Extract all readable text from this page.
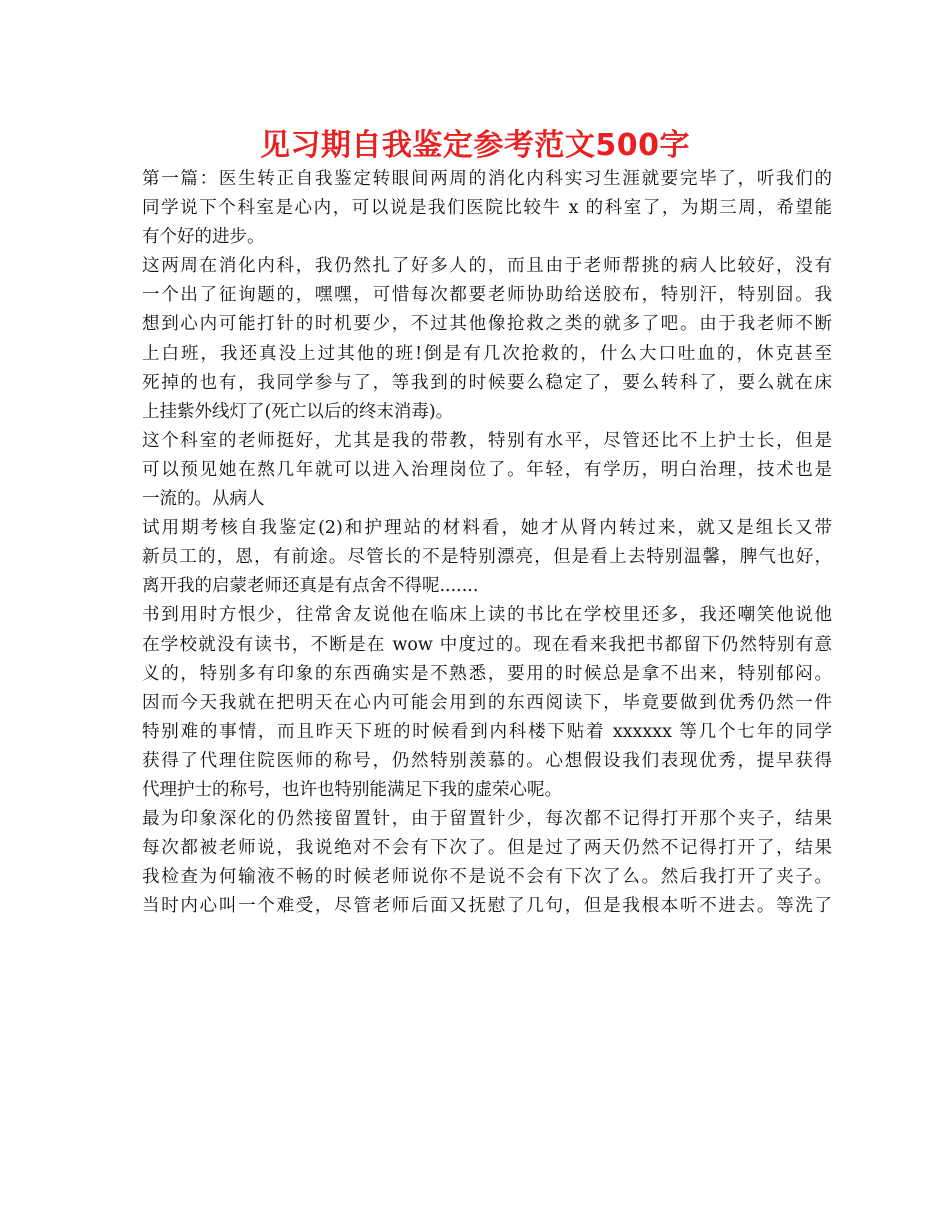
见习期自我鉴定参考范文500字
第一篇：医生转正自我鉴定转眼间两周的消化内科实习生涯就要完毕了，听我们的
同学说下个科室是心内，可以说是我们医院比较牛 x 的科室了，为期三周，希望能
有个好的进步。
这两周在消化内科，我仍然扎了好多人的，而且由于老师帮挑的病人比较好，没有
一个出了征询题的，嘿嘿，可惜每次都要老师协助给送胶布，特别汗，特别囧。我
想到心内可能打针的时机要少，不过其他像抢救之类的就多了吧。由于我老师不断
上白班，我还真没上过其他的班!倒是有几次抢救的，什么大口吐血的，休克甚至
死掉的也有，我同学参与了，等我到的时候要么稳定了，要么转科了，要么就在床
上挂紫外线灯了(死亡以后的终末消毒)。
这个科室的老师挺好，尤其是我的带教，特别有水平，尽管还比不上护士长，但是
可以预见她在熬几年就可以进入治理岗位了。年轻，有学历，明白治理，技术也是
一流的。从病人
试用期考核自我鉴定(2)和护理站的材料看，她才从肾内转过来，就又是组长又带
新员工的，恩，有前途。尽管长的不是特别漂亮，但是看上去特别温馨，脾气也好，
离开我的启蒙老师还真是有点舍不得呢.......
书到用时方恨少，往常舍友说他在临床上读的书比在学校里还多，我还嘲笑他说他
在学校就没有读书，不断是在 wow 中度过的。现在看来我把书都留下仍然特别有意
义的，特别多有印象的东西确实是不熟悉，要用的时候总是拿不出来，特别郁闷。
因而今天我就在把明天在心内可能会用到的东西阅读下，毕竟要做到优秀仍然一件
特别难的事情，而且昨天下班的时候看到内科楼下贴着 xxxxxx 等几个七年的同学
获得了代理住院医师的称号，仍然特别羡慕的。心想假设我们表现优秀，提早获得
代理护士的称号，也许也特别能满足下我的虚荣心呢。
最为印象深化的仍然接留置针，由于留置针少，每次都不记得打开那个夹子，结果
每次都被老师说，我说绝对不会有下次了。但是过了两天仍然不记得打开了，结果
我检查为何输液不畅的时候老师说你不是说不会有下次了么。然后我打开了夹子。
当时内心叫一个难受，尽管老师后面又抚慰了几句，但是我根本听不进去。等洗了
